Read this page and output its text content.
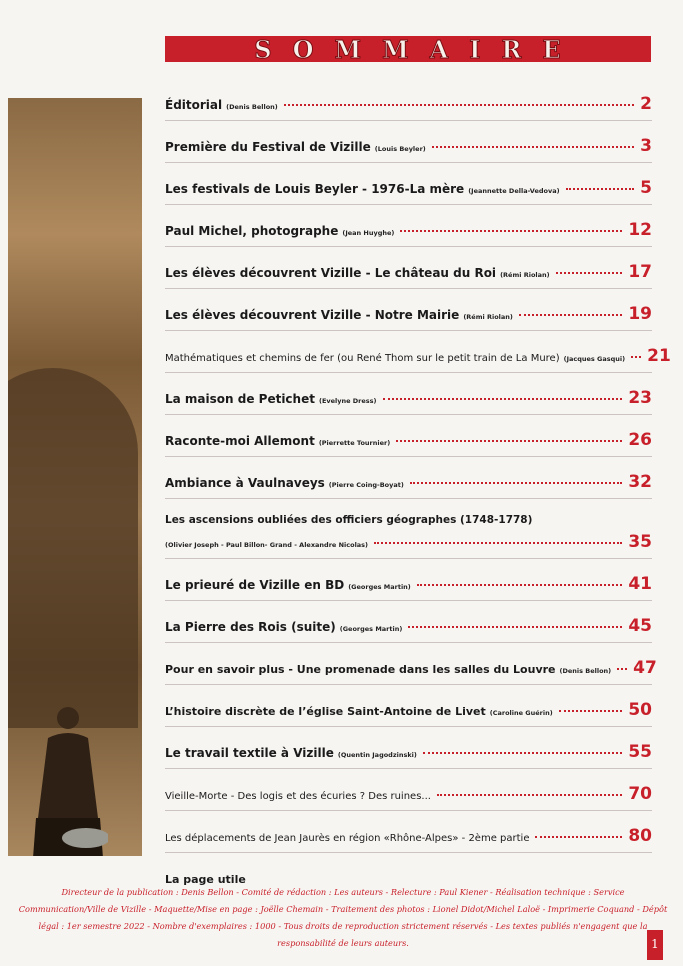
SOMMAIRE
Éditorial (Denis Bellon)	2
Première du Festival de Vizille (Louis Beyler)	3
Les festivals de Louis Beyler - 1976-La mère (Jeannette Della-Vedova)	5
Paul Michel, photographe (Jean Huyghe)	12
Les élèves découvrent Vizille - Le château du Roi (Rémi Riolan)	17
Les élèves découvrent Vizille - Notre Mairie (Rémi Riolan)	19
Mathématiques et chemins de fer (ou René Thom sur le petit train de La Mure) (Jacques Gasqui) 21
La maison de Petichet (Evelyne Dress)	23
Raconte-moi Allemont (Pierrette Tournier)	26
Ambiance à Vaulnaveys (Pierre Coing-Boyat)	32
Les ascensions oubliées des officiers géographes (1748-1778)
(Olivier Joseph - Paul Billon- Grand - Alexandre Nicolas)	35
Le prieuré de Vizille en BD (Georges Martin)	41
La Pierre des Rois (suite) (Georges Martin)	45
Pour en savoir plus - Une promenade dans les salles du Louvre (Denis Bellon) 47
L’histoire discrète de l’église Saint-Antoine de Livet (Caroline Guérin)	50
Le travail textile à Vizille (Quentin Jagodzinski)	55
Vieille-Morte - Des logis et des écuries ? Des ruines...	70
Les déplacements de Jean Jaurès en région «Rhône-Alpes» - 2ème partie	80
La page utile
Directeur de la publication : Denis Bellon - Comité de rédaction : Les auteurs - Relecture : Paul Kiener - Réalisation technique : Service Communication/Ville de Vizille - Maquette/Mise en page : Joëlle Chemain - Traitement des photos : Lionel Didot/Michel Laloë - Imprimerie Coquand - Dépôt légal : 1er semestre 2022 - Nombre d'exemplaires : 1000 - Tous droits de reproduction strictement réservés - Les textes publiés n'engagent que la responsabilité de leurs auteurs.	1
